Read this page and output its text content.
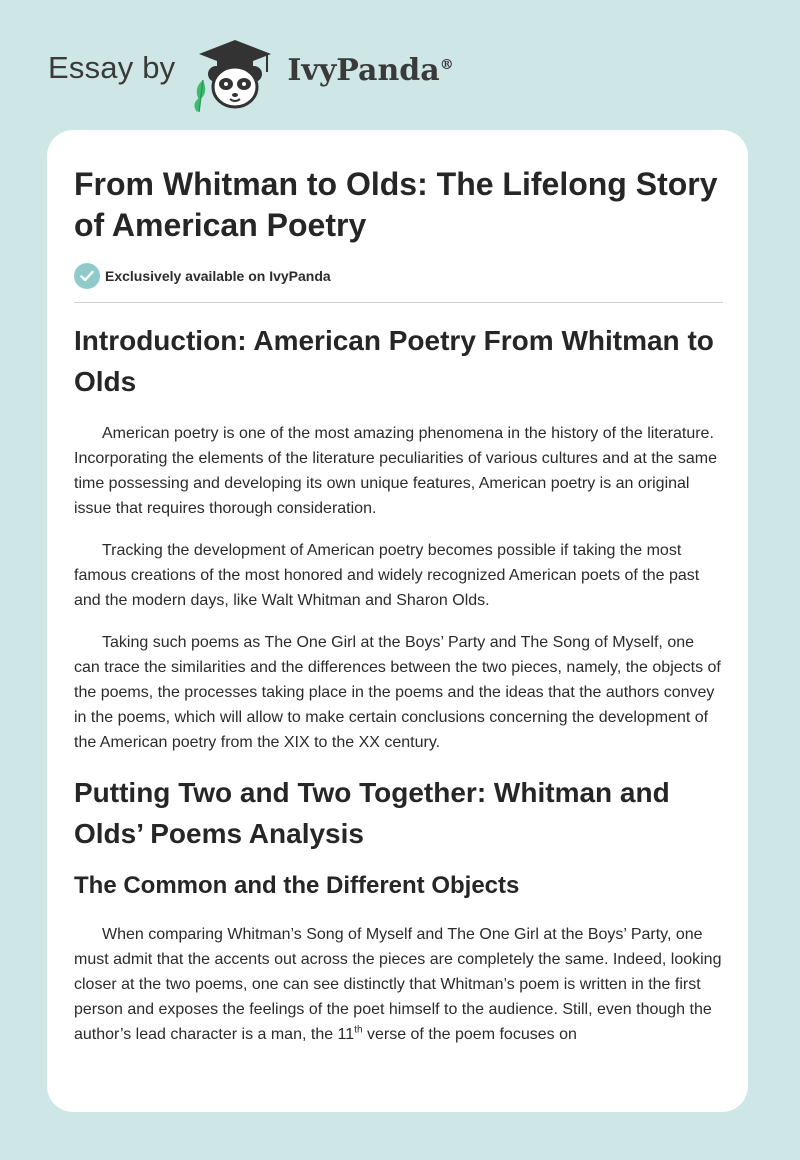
Essay by	IvyPanda®
From Whitman to Olds: The Lifelong Story of American Poetry
Exclusively available on IvyPanda
Introduction: American Poetry From Whitman to Olds

American poetry is one of the most amazing phenomena in the history of the literature. Incorporating the elements of the literature peculiarities of various cultures and at the same time possessing and developing its own unique features, American poetry is an original issue that requires thorough consideration.

Tracking the development of American poetry becomes possible if taking the most famous creations of the most honored and widely recognized American poets of the past and the modern days, like Walt Whitman and Sharon Olds.

Taking such poems as The One Girl at the Boys’ Party and The Song of Myself, one can trace the similarities and the differences between the two pieces, namely, the objects of the poems, the processes taking place in the poems and the ideas that the authors convey in the poems, which will allow to make certain conclusions concerning the development of the American poetry from the XIX to the XX century.

Putting Two and Two Together: Whitman and Olds’ Poems Analysis
The Common and the Different Objects

When comparing Whitman’s Song of Myself and The One Girl at the Boys’ Party, one must admit that the accents out across the pieces are completely the same. Indeed, looking closer at the two poems, one can see distinctly that Whitman’s poem is written in the first person and exposes the feelings of the poet himself to the audience. Still, even though the author’s lead character is a man, the 11th verse of the poem focuses on
